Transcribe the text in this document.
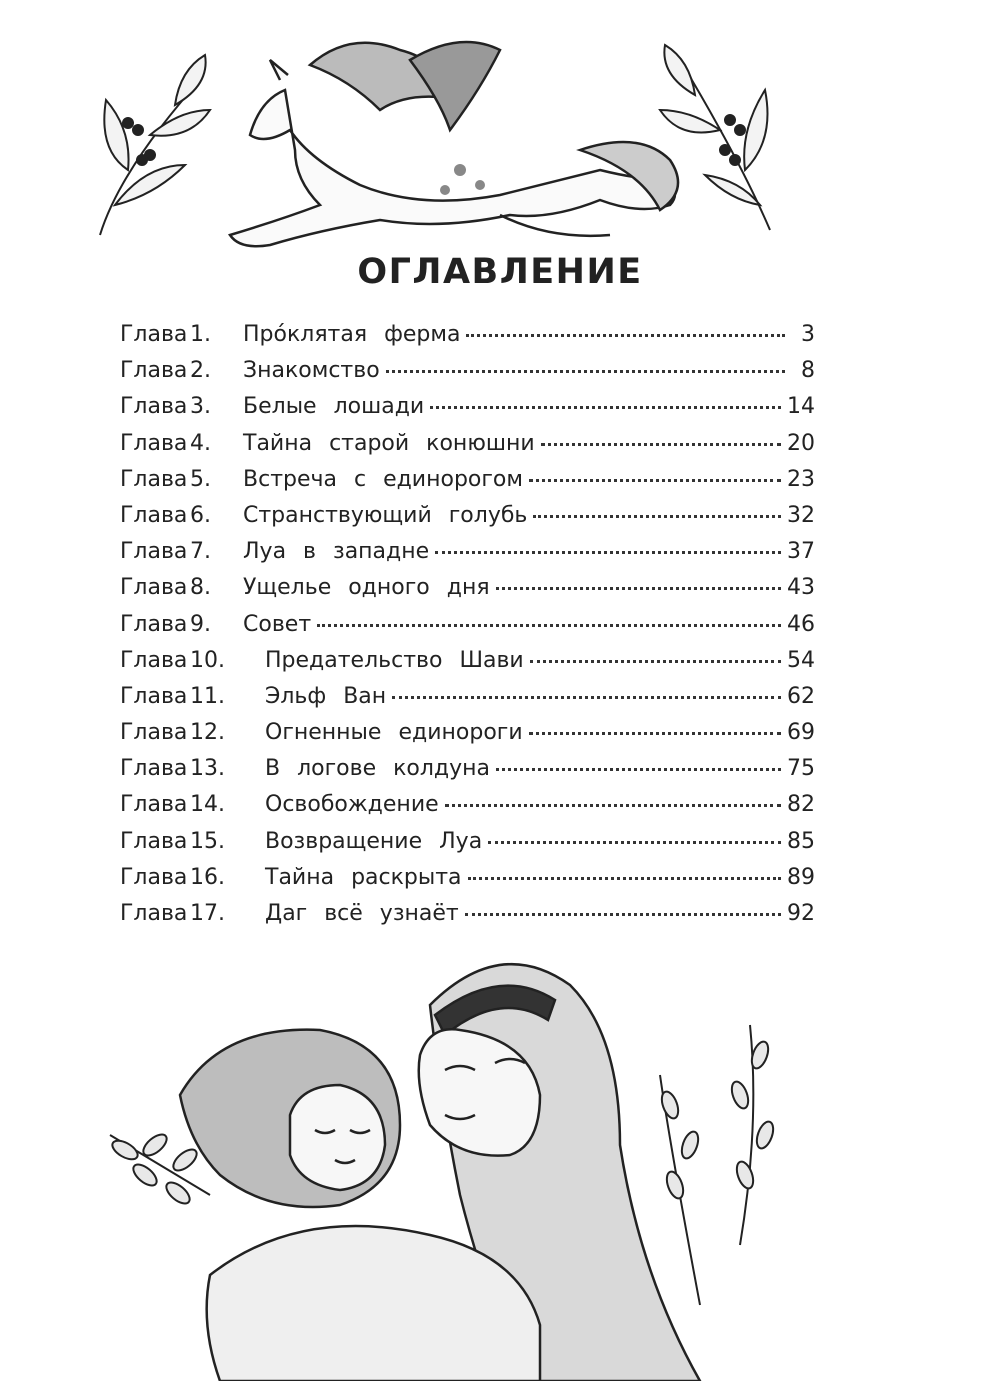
ОГЛАВЛЕНИЕ
Глава 1.	Про́клятая ферма	3
Глава 2.	Знакомство	8
Глава 3.	Белые лошади	14
Глава 4.	Тайна старой конюшни	20
Глава 5.	Встреча с единорогом	23
Глава 6.	Странствующий голубь	32
Глава 7.	Луа в западне	37
Глава 8.	Ущелье одного дня	43
Глава 9.	Совет	46
Глава 10.	Предательство Шави	54
Глава 11.	Эльф Ван	62
Глава 12.	Огненные единороги	69
Глава 13.	В логове колдуна	75
Глава 14.	Освобождение	82
Глава 15.	Возвращение Луа	85
Глава 16.	Тайна раскрыта	89
Глава 17.	Даг всё узнаёт	92
